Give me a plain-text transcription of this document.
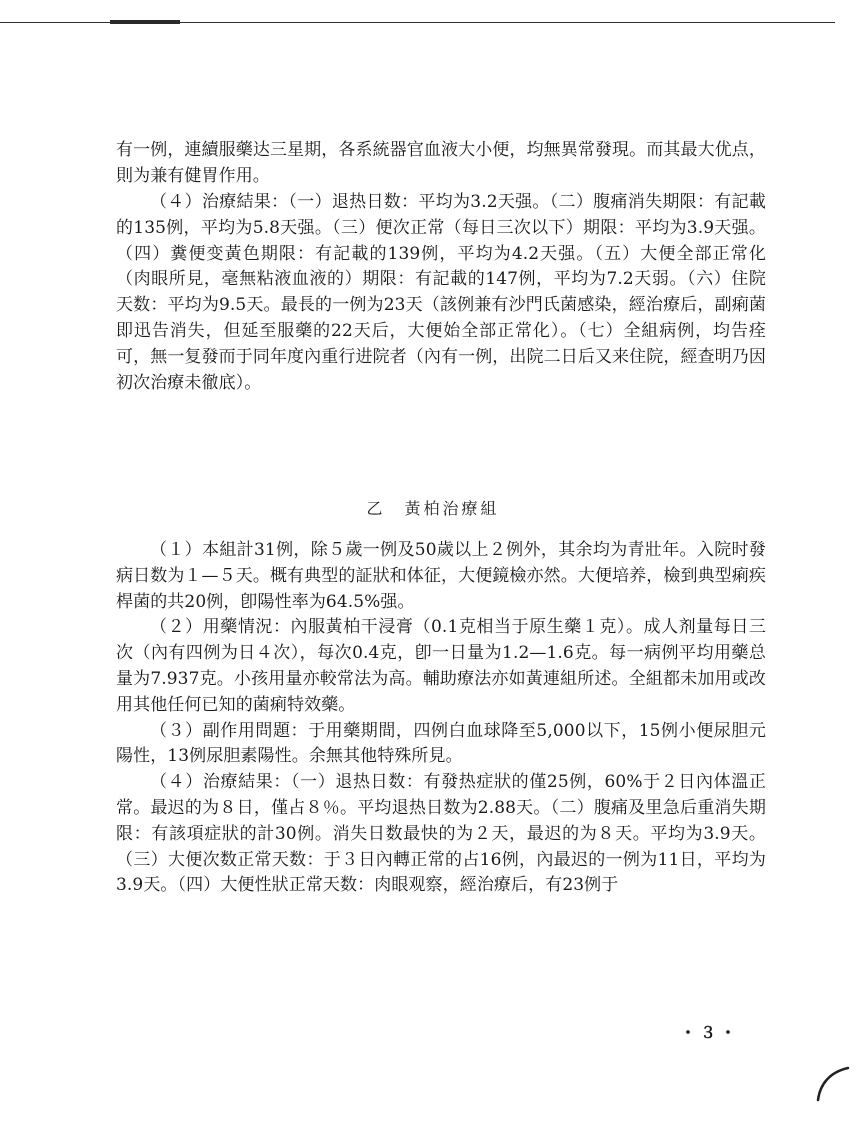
有一例，連續服藥达三星期，各系統器官血液大小便，均無異常發現。而其最大优点，則为兼有健胃作用。

（４）治療結果：（一）退热日数：平均为3.2天强。（二）腹痛消失期限：有記載的135例，平均为5.8天强。（三）便次正常（每日三次以下）期限：平均为3.9天强。（四）糞便变黃色期限：有記載的139例，平均为4.2天强。（五）大便全部正常化（肉眼所見，毫無粘液血液的）期限：有記載的147例，平均为7.2天弱。（六）住院天数：平均为9.5天。最長的一例为23天（該例兼有沙門氏菌感染，經治療后，副痢菌即迅告消失，但延至服藥的22天后，大便始全部正常化）。（七）全組病例，均告痊可，無一复發而于同年度內重行进院者（內有一例，出院二日后又来住院，經查明乃因初次治療未徹底）。

乙　黃柏治療組

（１）本組計31例，除５歲一例及50歲以上２例外，其余均为青壯年。入院时發病日数为１—５天。概有典型的証狀和体征，大便鏡檢亦然。大便培养，檢到典型痢疾桿菌的共20例，卽陽性率为64.5%强。

（２）用藥情況：內服黃柏干浸膏（0.1克相当于原生藥１克）。成人剂量每日三次（內有四例为日４次），每次0.4克，卽一日量为1.2—1.6克。每一病例平均用藥总量为7.937克。小孩用量亦較常法为高。輔助療法亦如黃連組所述。全組都未加用或改用其他任何已知的菌痢特效藥。

（３）副作用問題：于用藥期間，四例白血球降至5,000以下，15例小便尿胆元陽性，13例尿胆素陽性。余無其他特殊所見。

（４）治療結果：（一）退热日数：有發热症狀的僅25例，60%于２日內体溫正常。最迟的为８日，僅占８％。平均退热日数为2.88天。（二）腹痛及里急后重消失期限：有該項症狀的計30例。消失日数最快的为２天，最迟的为８天。平均为3.9天。（三）大便次数正常天数：于３日內轉正常的占16例，內最迟的一例为11日，平均为3.9天。（四）大便性狀正常天数：肉眼观察，經治療后，有23例于

・３・
